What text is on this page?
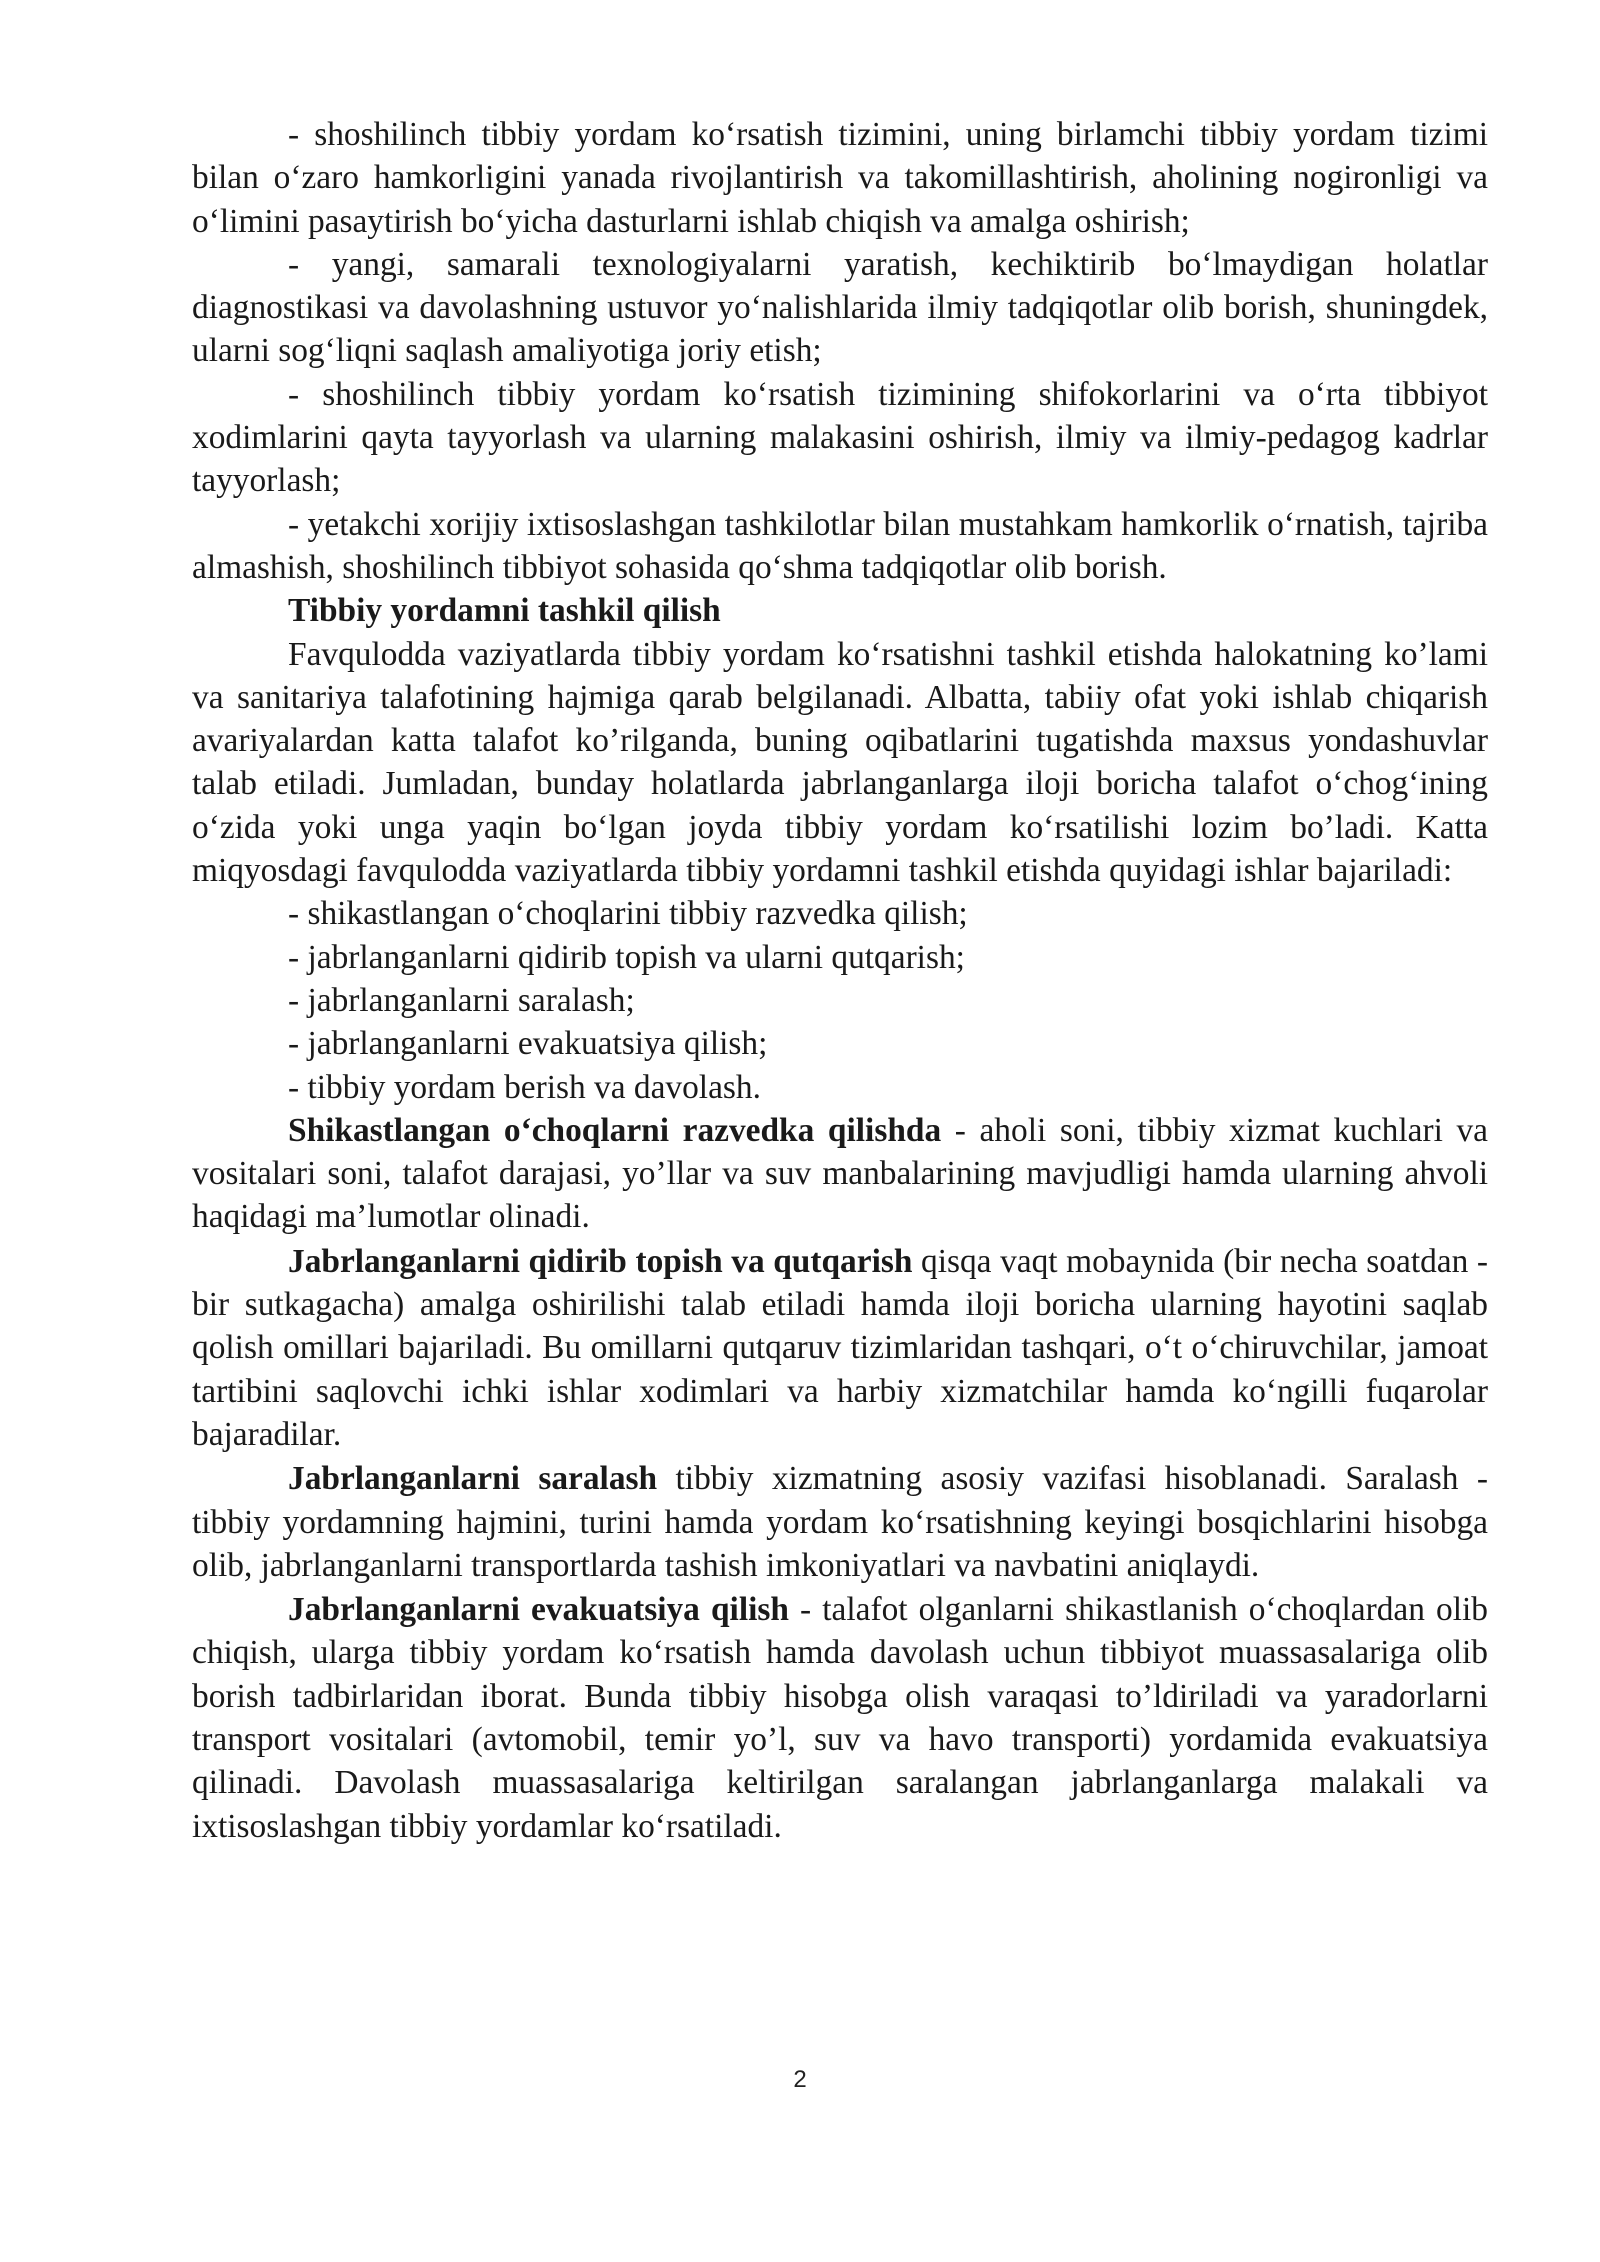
- shoshilinch tibbiy yordam ko‘rsatish tizimini, uning birlamchi tibbiy yordam tizimi bilan o‘zaro hamkorligini yanada rivojlantirish va takomillashtirish, aholining nogironligi va o‘limini pasaytirish bo‘yicha dasturlarni ishlab chiqish va amalga oshirish;

- yangi, samarali texnologiyalarni yaratish, kechiktirib bo‘lmaydigan holatlar diagnostikasi va davolashning ustuvor yo‘nalishlarida ilmiy tadqiqotlar olib borish, shuningdek, ularni sog‘liqni saqlash amaliyotiga joriy etish;

- shoshilinch tibbiy yordam ko‘rsatish tizimining shifokorlarini va o‘rta tibbiyot xodimlarini qayta tayyorlash va ularning malakasini oshirish, ilmiy va ilmiy-pedagog kadrlar tayyorlash;

- yetakchi xorijiy ixtisoslashgan tashkilotlar bilan mustahkam hamkorlik o‘rnatish, tajriba almashish, shoshilinch tibbiyot sohasida qo‘shma tadqiqotlar olib borish.

Tibbiy yordamni tashkil qilish

Favqulodda vaziyatlarda tibbiy yordam ko‘rsatishni tashkil etishda halokatning ko’lami va sanitariya talafotining hajmiga qarab belgilanadi. Albatta, tabiiy ofat yoki ishlab chiqarish avariyalardan katta talafot ko’rilganda, buning oqibatlarini tugatishda maxsus yondashuvlar talab etiladi. Jumladan, bunday holatlarda jabrlanganlarga iloji boricha talafot o‘chog‘ining o‘zida yoki unga yaqin bo‘lgan joyda tibbiy yordam ko‘rsatilishi lozim bo’ladi. Katta miqyosdagi favqulodda vaziyatlarda tibbiy yordamni tashkil etishda quyidagi ishlar bajariladi:

- shikastlangan o‘choqlarini tibbiy razvedka qilish;

- jabrlanganlarni qidirib topish va ularni qutqarish;

- jabrlanganlarni saralash;

- jabrlanganlarni evakuatsiya qilish;

- tibbiy yordam berish va davolash.

Shikastlangan o‘choqlarni razvedka qilishda - aholi soni, tibbiy xizmat kuchlari va vositalari soni, talafot darajasi, yo’llar va suv manbalarining mavjudligi hamda ularning ahvoli haqidagi ma’lumotlar olinadi.

Jabrlanganlarni qidirib topish va qutqarish qisqa vaqt mobaynida (bir necha soatdan - bir sutkagacha) amalga oshirilishi talab etiladi hamda iloji boricha ularning hayotini saqlab qolish omillari bajariladi. Bu omillarni qutqaruv tizimlaridan tashqari, o‘t o‘chiruvchilar, jamoat tartibini saqlovchi ichki ishlar xodimlari va harbiy xizmatchilar hamda ko‘ngilli fuqarolar bajaradilar.

Jabrlanganlarni saralash tibbiy xizmatning asosiy vazifasi hisoblanadi. Saralash - tibbiy yordamning hajmini, turini hamda yordam ko‘rsatishning keyingi bosqichlarini hisobga olib, jabrlanganlarni transportlarda tashish imkoniyatlari va navbatini aniqlaydi.

Jabrlanganlarni evakuatsiya qilish - talafot olganlarni shikastlanish o‘choqlardan olib chiqish, ularga tibbiy yordam ko‘rsatish hamda davolash uchun tibbiyot muassasalariga olib borish tadbirlaridan iborat. Bunda tibbiy hisobga olish varaqasi to’ldiriladi va yaradorlarni transport vositalari (avtomobil, temir yo’l, suv va havo transporti) yordamida evakuatsiya qilinadi. Davolash muassasalariga keltirilgan saralangan jabrlanganlarga malakali va ixtisoslashgan tibbiy yordamlar ko‘rsatiladi.

2
